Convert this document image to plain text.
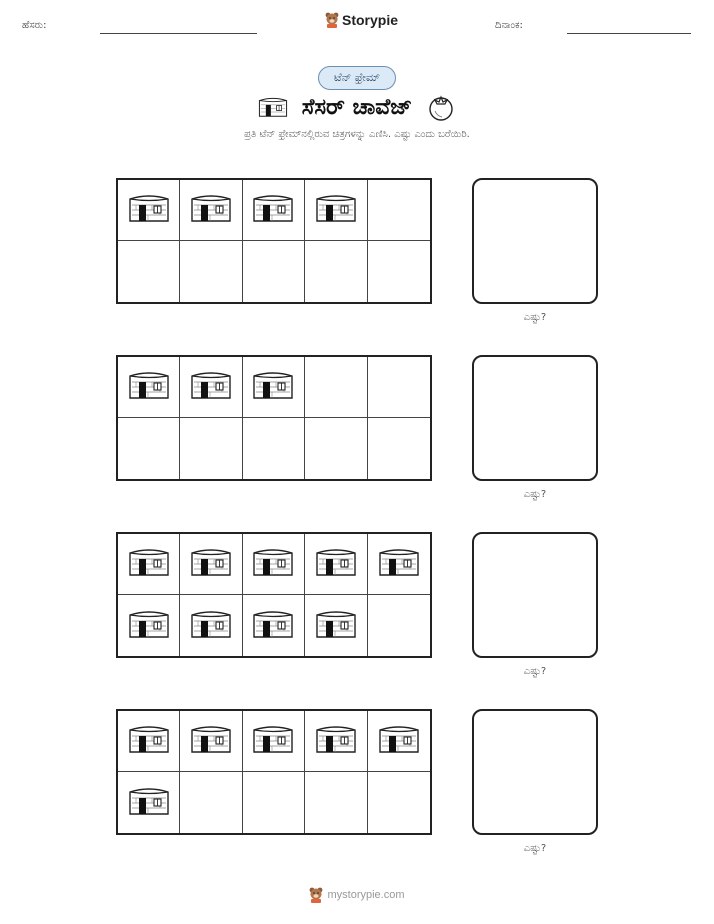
ಹೆಸರು:	Storypie	ದಿನಾಂಕ:
ಟೆನ್ ಫ್ರೇಮ್
ಸೆಸರ್ ಚಾವೆಜ್
ಪ್ರತಿ ಟೆನ್ ಫ್ರೇಮ್‌ನಲ್ಲಿರುವ ಚಿತ್ರಗಳನ್ನು ಎಣಿಸಿ. ಎಷ್ಟು ಎಂದು ಬರೆಯಿರಿ.
ಎಷ್ಟು?
ಎಷ್ಟು?
ಎಷ್ಟು?
ಎಷ್ಟು?
mystorypie.com
